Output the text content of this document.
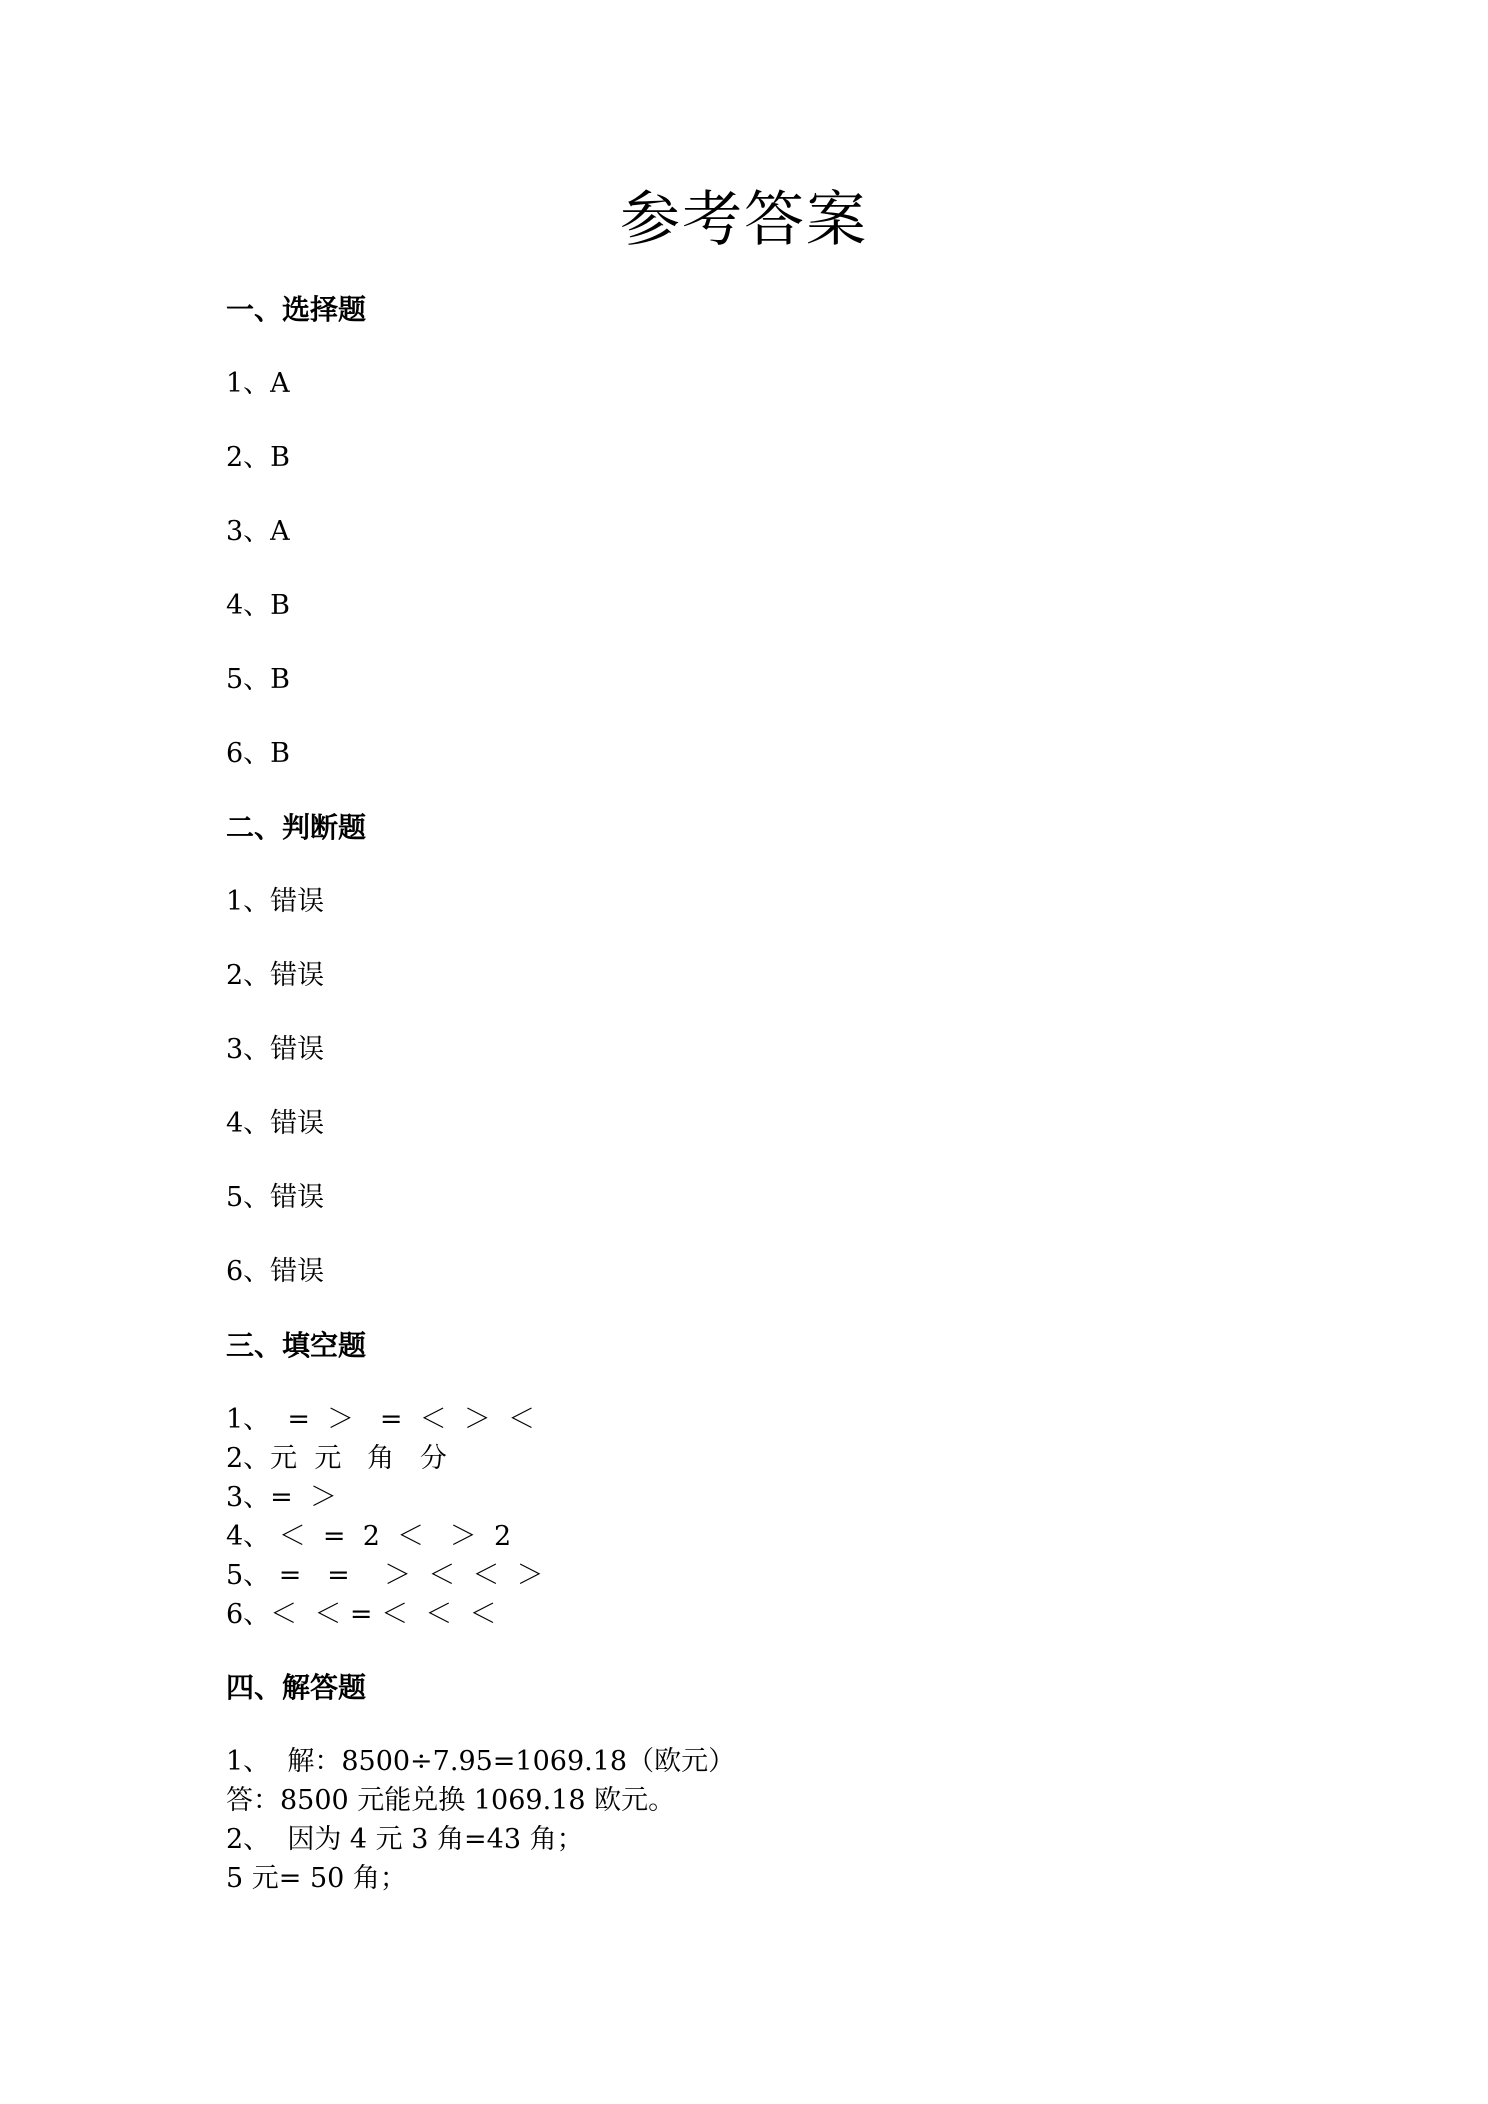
参考答案
一、选择题
1、A
2、B
3、A
4、B
5、B
6、B
二、判断题
1、错误
2、错误
3、错误
4、错误
5、错误
6、错误
三、填空题
1、  =  ＞   =  ＜  ＞  ＜
2、元  元   角   分
3、=  ＞
4、 ＜  =  2  ＜   ＞  2
5、 =   =    ＞  ＜  ＜  ＞
6、＜  ＜ = ＜  ＜  ＜
四、解答题
1、  解：8500÷7.95=1069.18（欧元）
答：8500 元能兑换 1069.18 欧元。
2、  因为 4 元 3 角=43 角；
5 元= 50 角；
